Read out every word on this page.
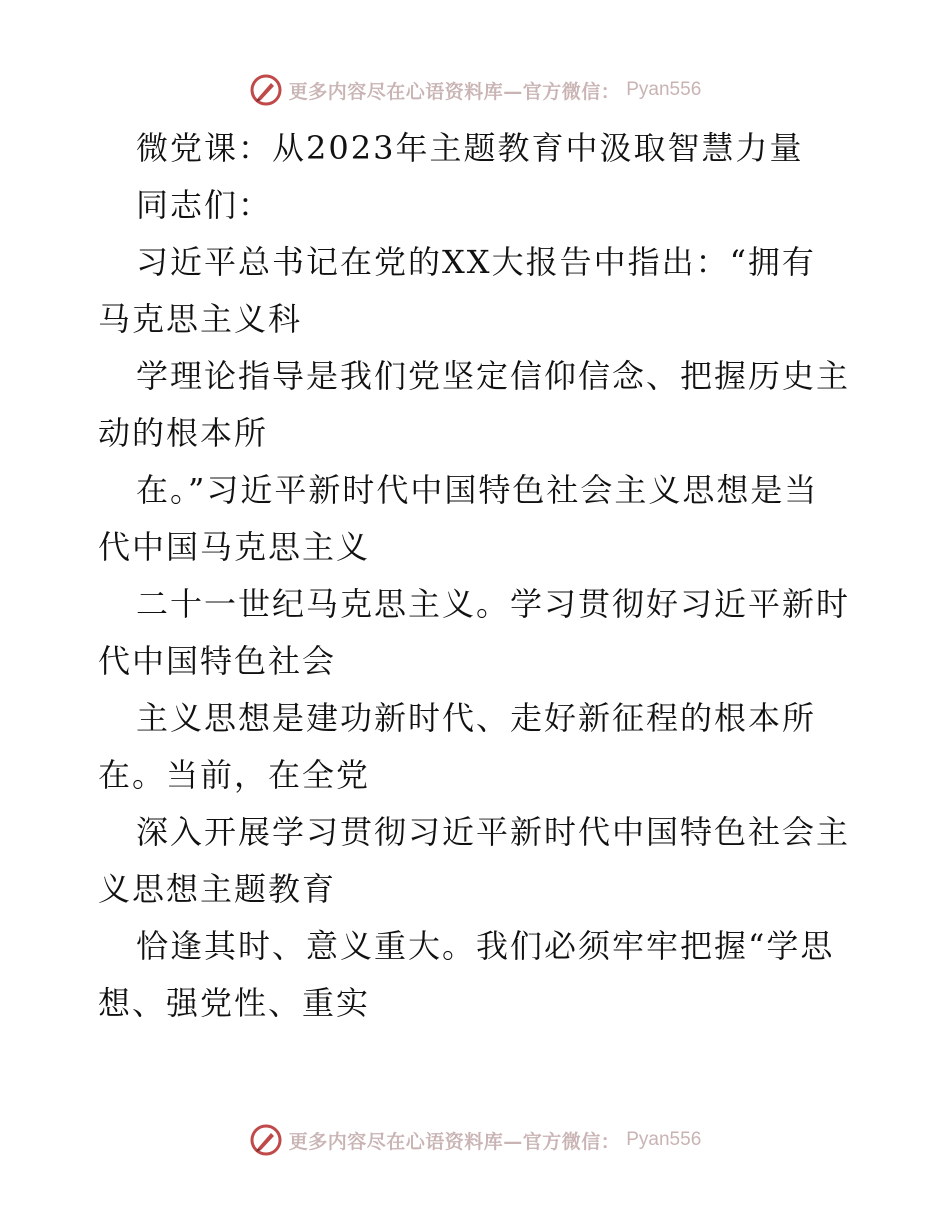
更多内容尽在心语资料库—官方微信： Pyan556
微党课：从2023年主题教育中汲取智慧力量
同志们：
习近平总书记在党的XX大报告中指出：“拥有
马克思主义科
学理论指导是我们党坚定信仰信念、把握历史主
动的根本所
在。”习近平新时代中国特色社会主义思想是当
代中国马克思主义
二十一世纪马克思主义。学习贯彻好习近平新时
代中国特色社会
主义思想是建功新时代、走好新征程的根本所
在。当前，在全党
深入开展学习贯彻习近平新时代中国特色社会主
义思想主题教育
恰逢其时、意义重大。我们必须牢牢把握“学思
想、强党性、重实
更多内容尽在心语资料库—官方微信： Pyan556
